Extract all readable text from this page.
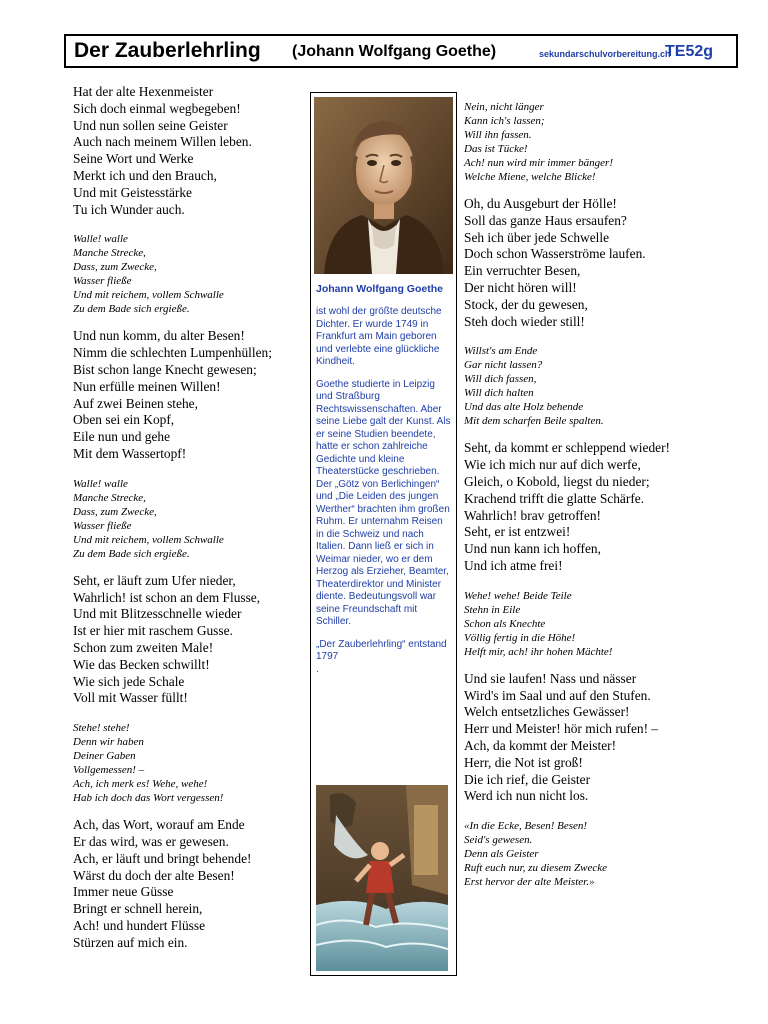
Der Zauberlehrling (Johann Wolfgang Goethe)	sekundarschulvorbereitung.ch
TE52g
Hat der alte Hexenmeister
Sich doch einmal wegbegeben!
Und nun sollen seine Geister
Auch nach meinem Willen leben.
Seine Wort und Werke
Merkt ich und den Brauch,
Und mit Geistesstärke
Tu ich Wunder auch.
Walle! walle
Manche Strecke,
Dass, zum Zwecke,
Wasser fließe
Und mit reichem, vollem Schwalle
Zu dem Bade sich ergieße.
Und nun komm, du alter Besen!
Nimm die schlechten Lumpenhüllen;
Bist schon lange Knecht gewesen;
Nun erfülle meinen Willen!
Auf zwei Beinen stehe,
Oben sei ein Kopf,
Eile nun und gehe
Mit dem Wassertopf!
Walle! walle
Manche Strecke,
Dass, zum Zwecke,
Wasser fließe
Und mit reichem, vollem Schwalle
Zu dem Bade sich ergieße.
Seht, er läuft zum Ufer nieder,
Wahrlich! ist schon an dem Flusse,
Und mit Blitzesschnelle wieder
Ist er hier mit raschem Gusse.
Schon zum zweiten Male!
Wie das Becken schwillt!
Wie sich jede Schale
Voll mit Wasser füllt!
Stehe! stehe!
Denn wir haben
Deiner Gaben
Vollgemessen! –
Ach, ich merk es! Wehe, wehe!
Hab ich doch das Wort vergessen!
Ach, das Wort, worauf am Ende
Er das wird, was er gewesen.
Ach, er läuft und bringt behende!
Wärst du doch der alte Besen!
Immer neue Güsse
Bringt er schnell herein,
Ach! und hundert Flüsse
Stürzen auf mich ein.
Nein, nicht länger
Kann ich's lassen;
Will ihn fassen.
Das ist Tücke!
Ach! nun wird mir immer bänger!
Welche Miene, welche Blicke!
Oh, du Ausgeburt der Hölle!
Soll das ganze Haus ersaufen?
Seh ich über jede Schwelle
Doch schon Wasserströme laufen.
Ein verruchter Besen,
Der nicht hören will!
Stock, der du gewesen,
Steh doch wieder still!
Willst's am Ende
Gar nicht lassen?
Will dich fassen,
Will dich halten
Und das alte Holz behende
Mit dem scharfen Beile spalten.
Seht, da kommt er schleppend wieder!
Wie ich mich nur auf dich werfe,
Gleich, o Kobold, liegst du nieder;
Krachend trifft die glatte Schärfe.
Wahrlich! brav getroffen!
Seht, er ist entzwei!
Und nun kann ich hoffen,
Und ich atme frei!
Wehe! wehe! Beide Teile
Stehn in Eile
Schon als Knechte
Völlig fertig in die Höhe!
Helft mir, ach! ihr hohen Mächte!
Und sie laufen! Nass und nässer
Wird's im Saal und auf den Stufen.
Welch entsetzliches Gewässer!
Herr und Meister! hör mich rufen! –
Ach, da kommt der Meister!
Herr, die Not ist groß!
Die ich rief, die Geister
Werd ich nun nicht los.
«In die Ecke, Besen! Besen!
Seid's gewesen.
Denn als Geister
Ruft euch nur, zu diesem Zwecke
Erst hervor der alte Meister.»

Johann Wolfgang Goethe

ist wohl der größte deutsche Dichter. Er wurde 1749 in Frankfurt am Main geboren und verlebte eine glückliche Kindheit.

Goethe studierte in Leipzig und Straßburg Rechtswissenschaften. Aber seine Liebe galt der Kunst. Als er seine Studien beendete, hatte er schon zahlreiche Gedichte und kleine Theaterstücke geschrieben. Der „Götz von Berlichingen“ und „Die Leiden des jungen Werther“ brachten ihm großen Ruhm. Er unternahm Reisen in die Schweiz und nach Italien. Dann ließ er sich in Weimar nieder, wo er dem Herzog als Erzieher, Beamter, Theaterdirektor und Minister diente. Bedeutungsvoll war seine Freundschaft mit Schiller.

„Der Zauberlehrling“ entstand 1797
.
